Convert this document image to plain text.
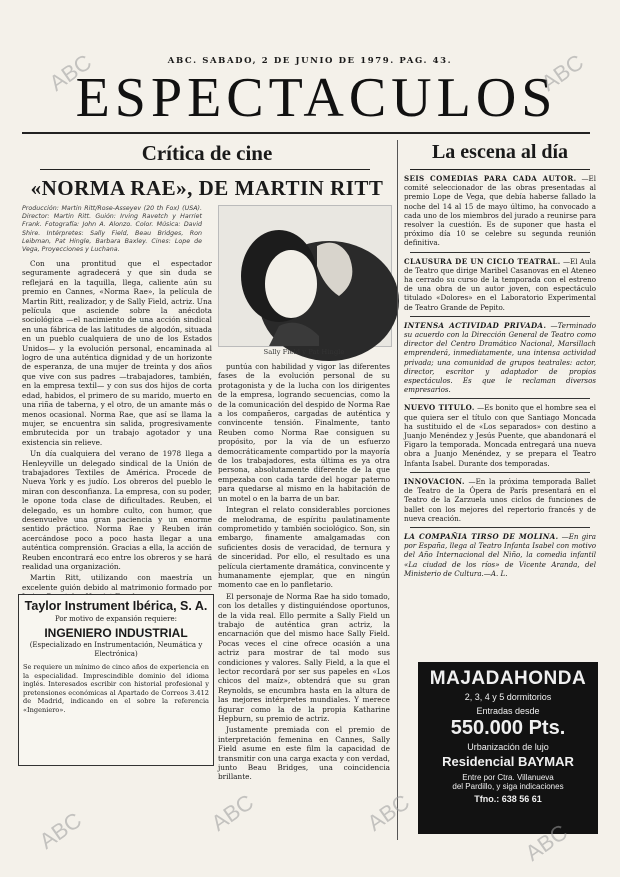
ABC. SABADO, 2 DE JUNIO DE 1979. PAG. 43.
ESPECTACULOS
Crítica de cine
«NORMA RAE», DE MARTIN RITT
Producción: Martin Ritt/Rose-Asseyev (20 th Fox) (USA). Director: Martin Ritt. Guión: Irving Ravetch y Harriet Frank. Fotografía: John A. Alonzo. Color. Música: David Shire. Intérpretes: Sally Field, Beau Bridges, Ron Leibman, Pat Hingle, Barbara Baxley. Cines: Lope de Vega, Proyecciones y Luchana.
Sally Field y Pat Hingle

Con una prontitud que el espectador seguramente agradecerá y que sin duda se reflejará en la taquilla, llega, caliente aún su premio en Cannes, «Norma Rae», la película de Martin Ritt, realizador, y de Sally Field, actriz. Una película que asciende sobre la anécdota sociológica —el nacimiento de una acción sindical en una fábrica de las latitudes de algodón, situada en un pueblo cualquiera de uno de los Estados Unidos— y la evolución personal, encaminada al logro de una auténtica dignidad y de un horizonte de esperanza, de una mujer de treinta y dos años que vive con sus padres —trabajadores, también, en la empresa textil— y con sus dos hijos de corta edad, habidos, el primero de su marido, muerto en una riña de taberna, y el otro, de un amante más o menos ocasional. Norma Rae, que así se llama la mujer, se encuentra sin salida, progresivamente embrutecida por un trabajo agotador y una existencia sin relieve.

Un día cualquiera del verano de 1978 llega a Henleyville un delegado sindical de la Unión de trabajadores Textiles de América. Procede de Nueva York y es judío. Los obreros del pueblo le miran con desconfianza. La empresa, con su poder, le opone toda clase de dificultades. Reuben, el delegado, es un hombre culto, con humor, que desenvuelve una gran paciencia y un enorme sentido práctico. Norma Rae y Reuben irán acercándose poco a poco hasta llegar a una auténtica comprensión. Gracias a ella, la acción de Reuben encontrará eco entre los obreros y se hará realidad una organización.

Martin Ritt, utilizando con maestría un excelente guión debido al matrimonio formado por

puntúa con habilidad y vigor las diferentes fases de la evolución personal de su protagonista y de la lucha con los dirigentes de la empresa, logrando secuencias, como la de la comunicación del despido de Norma Rae a los compañeros, cargadas de auténtica y convincente tensión. Finalmente, tanto Reuben como Norma Rae consiguen su propósito, por la vía de un esfuerzo democráticamente compartido por la mayoría de los trabajadores, esta última es ya otra persona, absolutamente diferente de la que empezaba con cada tarde del hogar paterno para quedarse al mismo en la habitación de un motel o en la barra de un bar.

Integran el relato considerables porciones de melodrama, de espíritu paulatinamente comprometido y también sociológico. Son, sin embargo, finamente amalgamadas con suficientes dosis de veracidad, de ternura y de sinceridad. Por ello, el resultado es una película ciertamente dramática, convincente y humanamente ejemplar, que en ningún momento cae en lo panfletario.

El personaje de Norma Rae ha sido tomado, con los detalles y distinguiéndose oportunos, de la vida real. Ello permite a Sally Field un trabajo de auténtica gran actriz, la encarnación que del mismo hace Sally Field. Pocas veces el cine ofrece ocasión a una actriz para mostrar de tal modo sus condiciones y valores. Sally Field, a la que el lector recordará por ser sus papeles en «Los chicos del maíz», obtendrá que su gran Reynolds, se encumbra hasta en la altura de las mejores intérpretes mundiales. Y merece figurar como la de la propia Katharine Hepburn, su premio de actriz.

Justamente premiada con el premio de interpretación femenina en Cannes, Sally Field asume en este film la capacidad de transmitir con una carga exacta y con verdad, junto Beau Bridges, una coincidencia brillante.

Taylor Instrument Ibérica, S. A.
Por motivo de expansión requiere:
INGENIERO INDUSTRIAL
(Especializado en Instrumentación, Neumática y Electrónica)
Se requiere un mínimo de cinco años de experiencia en la especialidad. Imprescindible dominio del idioma inglés. Interesados escribir con historial profesional y pretensiones económicas al Apartado de Correos 3.412 de Madrid, indicando en el sobre la referencia «Ingeniero».
La escena al día
SEIS COMEDIAS PARA CADA AUTOR. —El comité seleccionador de las obras presentadas al premio Lope de Vega, que debía haberse fallado la noche del 14 al 15 de mayo último, ha convocado a cada uno de los miembros del jurado a reunirse para resolver la cuestión. Es de suponer que hasta el próximo día 10 se celebre su segunda reunión definitiva.
CLAUSURA DE UN CICLO TEATRAL. —El Aula de Teatro que dirige Maribel Casanovas en el Ateneo ha cerrado su curso de la temporada con el estreno de una obra de un autor joven, con espectáculo titulado «Dolores» en el Laboratorio Experimental de Teatro Grande de Pepito.
INTENSA ACTIVIDAD PRIVADA. —Terminado su acuerdo con la Dirección General de Teatro como director del Centro Dramático Nacional, Marsillach emprenderá, inmediatamente, una intensa actividad privada; una comunidad de grupos teatrales: actor, director, escritor y adaptador de propios espectáculos. Es que le reclaman diversos empresarios.
NUEVO TITULO. —Es bonito que el hombre sea el que quiera ser el título con que Santiago Moncada ha sustituido el de «Los separados» con destino a Juanjo Menéndez y Jesús Puente, que abandonará el Figaro la temporada. Moncada entregará una nueva obra a Juanjo Menéndez, y se prepara el Teatro Infanta Isabel. Durante dos temporadas.
INNOVACION. —En la próxima temporada Ballet de Teatro de la Ópera de París presentará en el Teatro de la Zarzuela unos ciclos de funciones de ballet con los mejores del repertorio francés y de nueva creación.
LA COMPAÑIA TIRSO DE MOLINA. —En gira por España, llega al Teatro Infanta Isabel con motivo del Año Internacional del Niño, la comedia infantil «La ciudad de los ríos» de Vicente Aranda, del Ministerio de Cultura.—A. L.
MAJADAHONDA
2, 3, 4 y 5 dormitorios
Entradas desde
550.000 Pts.
Urbanización de lujo
Residencial BAYMAR
Entre por Ctra. Villanueva
del Pardillo, y siga indicaciones
Tfno.: 638 56 61
ABC	ABC
ABC	ABC	ABC
ABC
